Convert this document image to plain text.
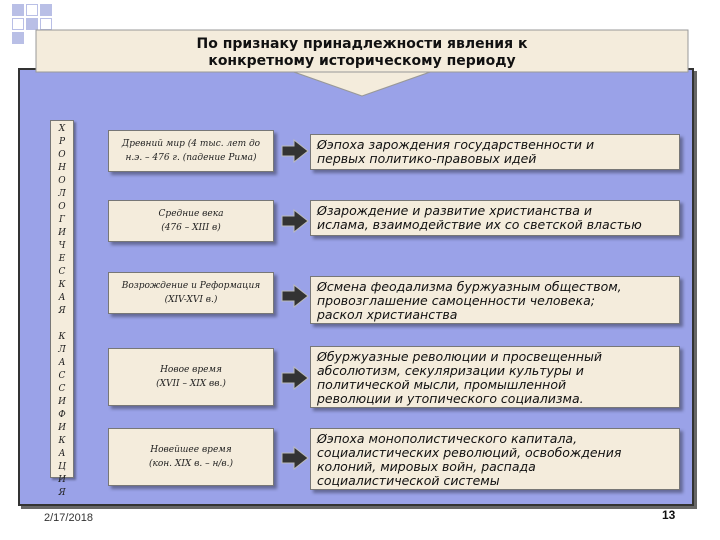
По признаку принадлежности явления к
конкретному историческому периоду
Х
Р
О
Н
О
Л
О
Г
И
Ч
Е
С
К
А
Я

К
Л
А
С
С
И
Ф
И
К
А
Ц
И
Я
Древний мир (4 тыс. лет до
н.э. – 476 г. (падение Рима)
Средние века
(476 – XIII в)
Возрождение и Реформация
(XIV-XVI в.)
Новое время
(XVII – XIX вв.)
Новейшее время
(кон. XIX в. – н/в.)
Øэпоха зарождения государственности и
первых политико-правовых идей
Øзарождение и развитие христианства и
ислама, взаимодействие их со светской властью
Øсмена феодализма буржуазным обществом,
провозглашение самоценности человека;
раскол христианства
Øбуржуазные революции и просвещенный
абсолютизм, секуляризации культуры и
политической мысли, промышленной
революции и утопического социализма.
Øэпоха монополистического капитала,
социалистических революций, освобождения
колоний, мировых войн, распада
социалистической системы
2/17/2018	13
